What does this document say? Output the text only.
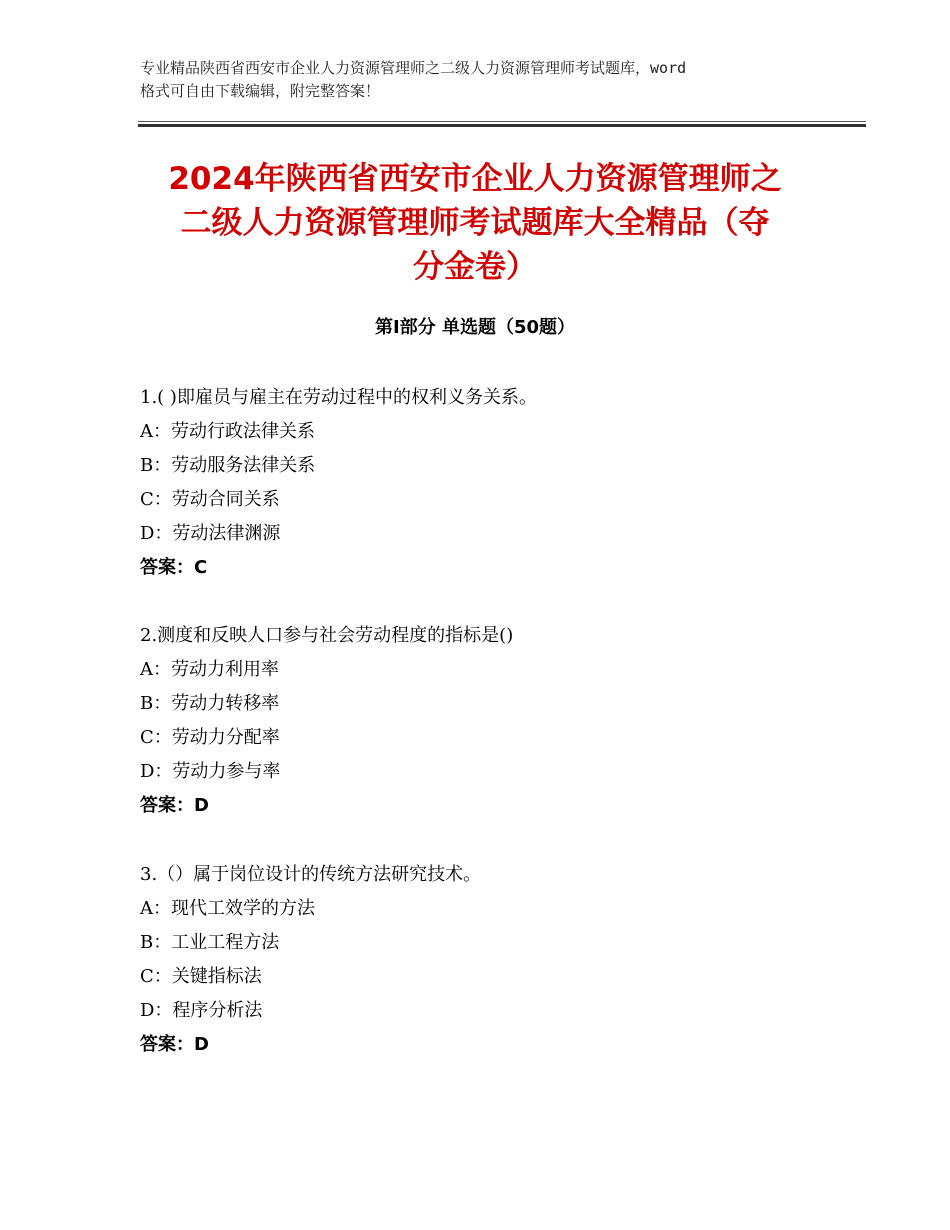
专业精品陕西省西安市企业人力资源管理师之二级人力资源管理师考试题库，word
格式可自由下载编辑，附完整答案！
2024年陕西省西安市企业人力资源管理师之
二级人力资源管理师考试题库大全精品（夺
分金卷）
第Ⅰ部分 单选题（50题）
1.( )即雇员与雇主在劳动过程中的权利义务关系。
A：劳动行政法律关系
B：劳动服务法律关系
C：劳动合同关系
D：劳动法律渊源
答案：C
2.测度和反映人口参与社会劳动程度的指标是()
A：劳动力利用率
B：劳动力转移率
C：劳动力分配率
D：劳动力参与率
答案：D
3.（）属于岗位设计的传统方法研究技术。
A：现代工效学的方法
B：工业工程方法
C：关键指标法
D：程序分析法
答案：D
